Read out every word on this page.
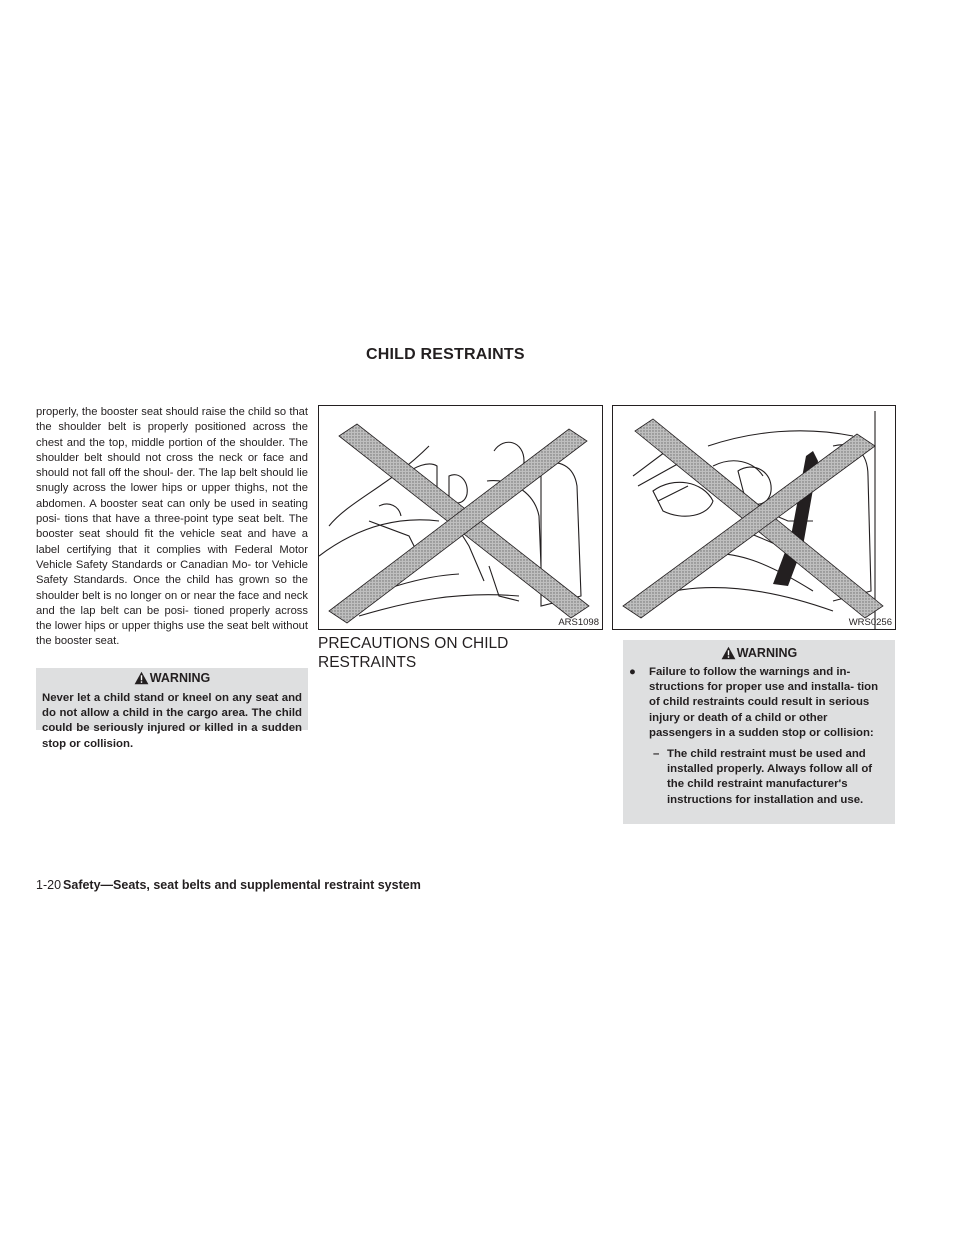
CHILD RESTRAINTS

properly, the booster seat should raise the child so that the shoulder belt is properly positioned across the chest and the top, middle portion of the shoulder. The shoulder belt should not cross the neck or face and should not fall off the shoul- der. The lap belt should lie snugly across the lower hips or upper thighs, not the abdomen. A booster seat can only be used in seating posi- tions that have a three-point type seat belt. The booster seat should fit the vehicle seat and have a label certifying that it complies with Federal Motor Vehicle Safety Standards or Canadian Mo- tor Vehicle Safety Standards. Once the child has grown so the shoulder belt is no longer on or near the face and neck and the lap belt can be posi- tioned properly across the lower hips or upper thighs use the seat belt without the booster seat.

WARNING
Never let a child stand or kneel on any seat and do not allow a child in the cargo area. The child could be seriously injured or killed in a sudden stop or collision.
ARS1098	WRS0256
PRECAUTIONS ON CHILD RESTRAINTS
WARNING
● Failure to follow the warnings and in- structions for proper use and installa- tion of child restraints could result in serious injury or death of a child or other passengers in a sudden stop or collision:
– The child restraint must be used and installed properly. Always follow all of the child restraint manufacturer's instructions for installation and use.
1-20 Safety—Seats, seat belts and supplemental restraint system
